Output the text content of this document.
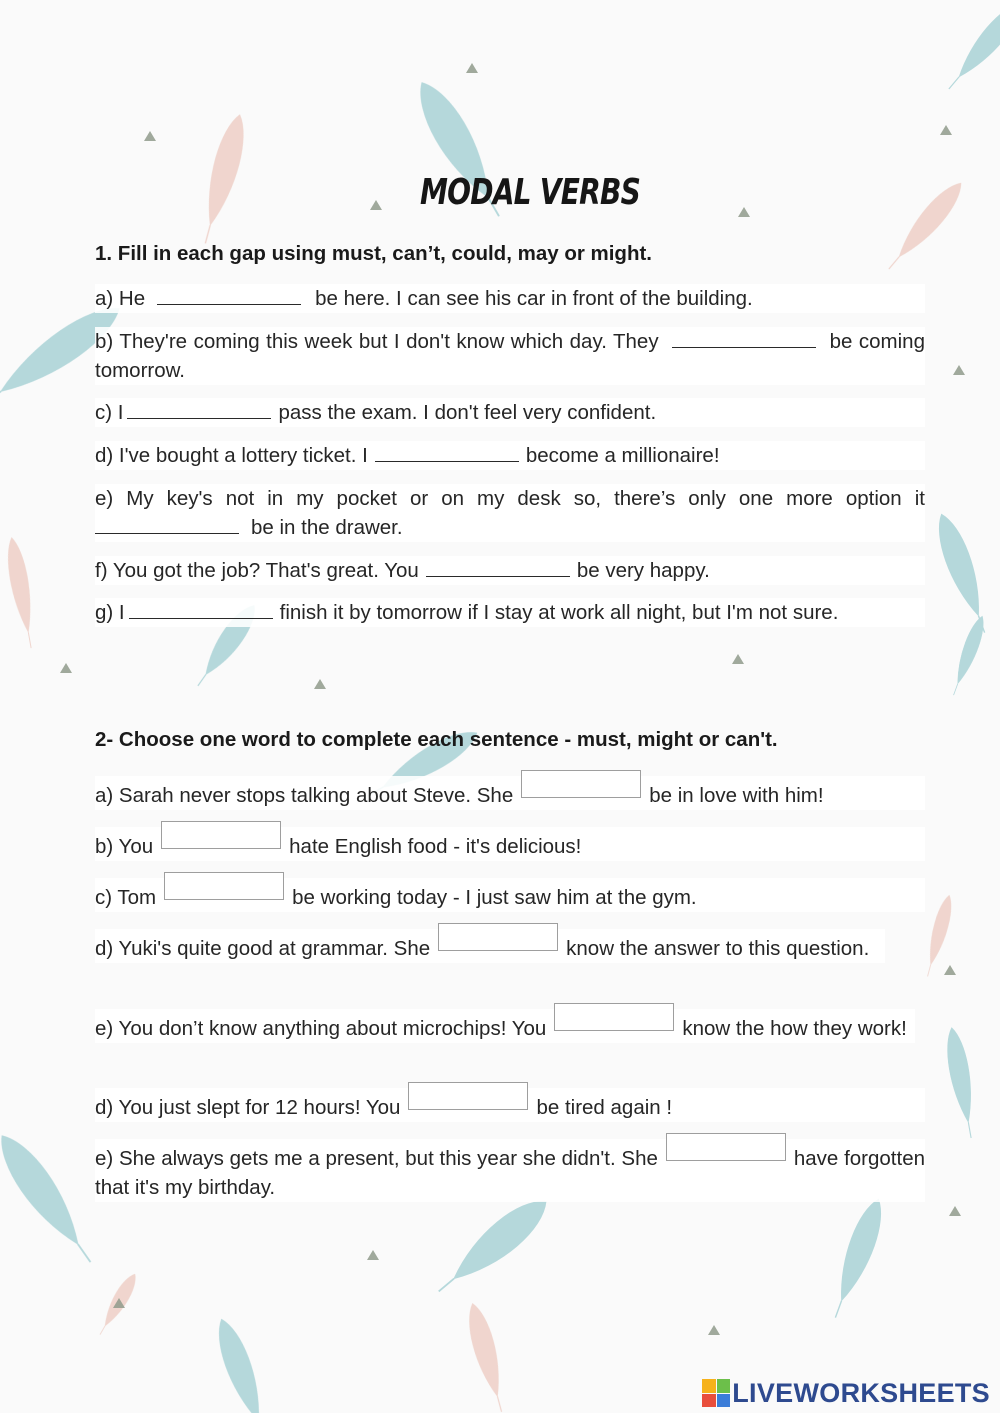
MODAL VERBS
1. Fill in each gap using must, can’t, could, may or might.
a) He	be here. I can see his car in front of the building.
b) They're coming this week but I don't know which day. They	be coming tomorrow.
c) I	pass the exam. I don't feel very confident.
d) I've bought a lottery ticket. I	become a millionaire!
e) My key's not in my pocket or on my desk so, there’s only one more option it be in the drawer.
f) You got the job? That's great. You	be very happy.
g) I	finish it by tomorrow if I stay at work all night, but I'm not sure.
2- Choose one word to complete each sentence - must, might or can't.
a) Sarah never stops talking about Steve. She	be in love with him!
b) You	hate English food - it's delicious!
c) Tom	be working today - I just saw him at the gym.
d) Yuki's quite good at grammar. She	know the answer to this question.
e) You don’t know anything about microchips! You	know the how they work!
d) You just slept for 12 hours! You	be tired again !
e) She always gets me a present, but this year she didn't. She	have forgotten that it's my birthday.
LIVEWORKSHEETS
